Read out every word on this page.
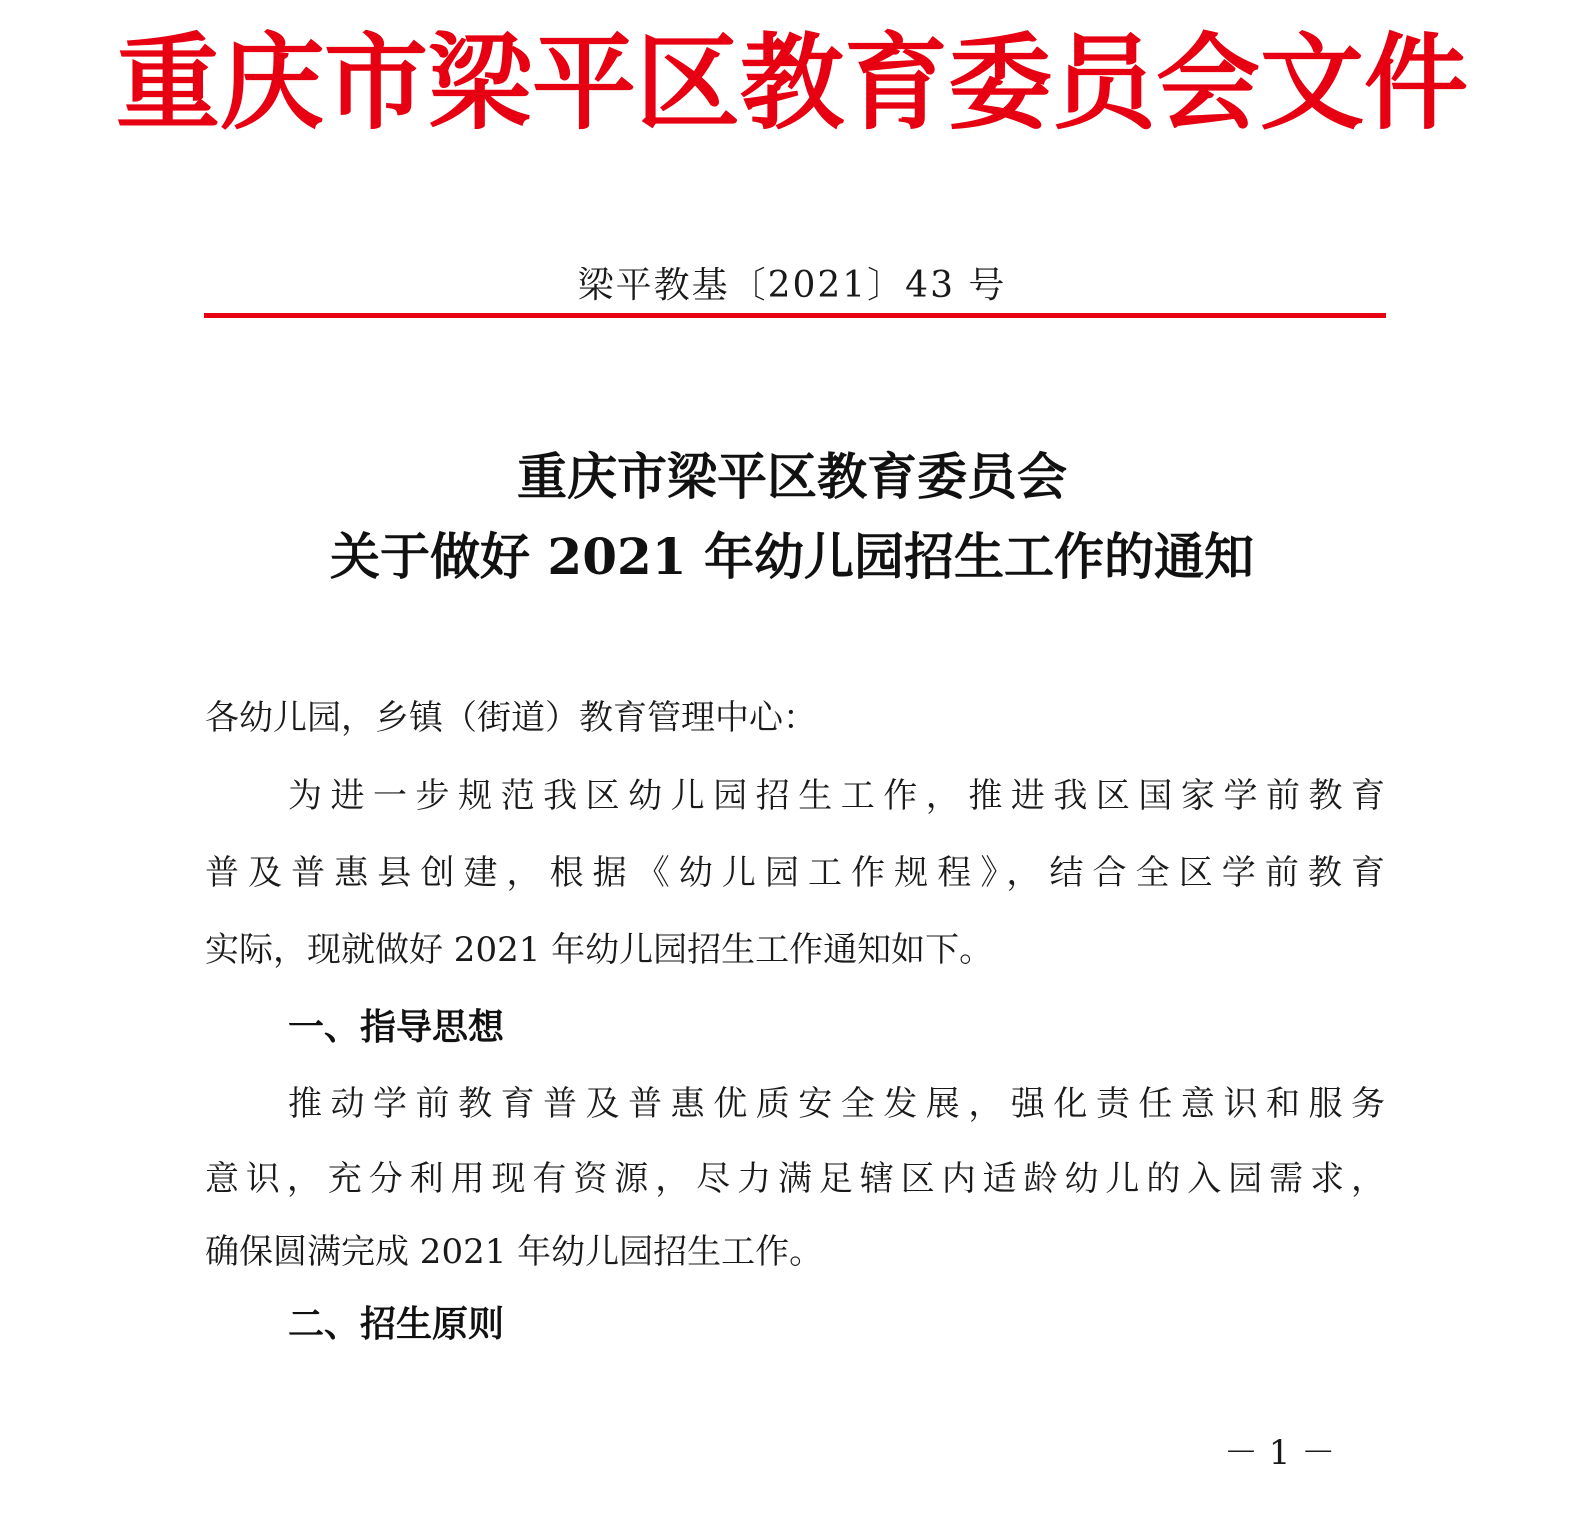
重庆市梁平区教育委员会文件
梁平教基〔2021〕43 号
重庆市梁平区教育委员会
关于做好 2021 年幼儿园招生工作的通知
各幼儿园，乡镇（街道）教育管理中心：
为进一步规范我区幼儿园招生工作，推进我区国家学前教育
普及普惠县创建，根据《幼儿园工作规程》，结合全区学前教育
实际，现就做好 2021 年幼儿园招生工作通知如下。
一、指导思想
推动学前教育普及普惠优质安全发展，强化责任意识和服务
意识，充分利用现有资源，尽力满足辖区内适龄幼儿的入园需求，
确保圆满完成 2021 年幼儿园招生工作。
二、招生原则
－ 1 －
